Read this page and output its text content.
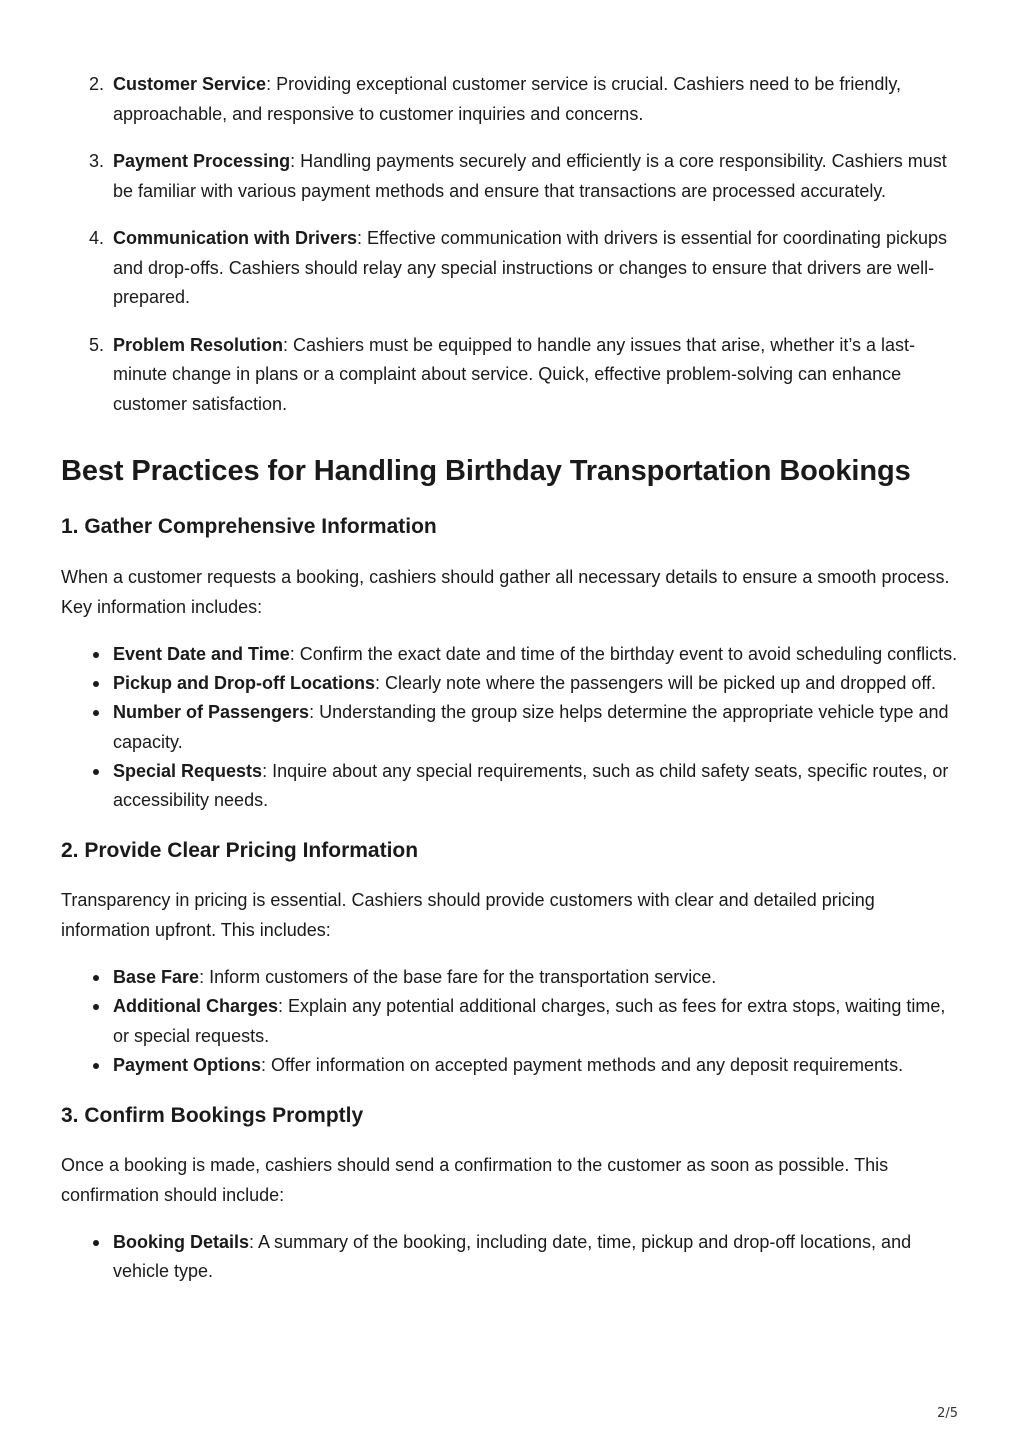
2. Customer Service: Providing exceptional customer service is crucial. Cashiers need to be friendly, approachable, and responsive to customer inquiries and concerns.
3. Payment Processing: Handling payments securely and efficiently is a core responsibility. Cashiers must be familiar with various payment methods and ensure that transactions are processed accurately.
4. Communication with Drivers: Effective communication with drivers is essential for coordinating pickups and drop-offs. Cashiers should relay any special instructions or changes to ensure that drivers are well-prepared.
5. Problem Resolution: Cashiers must be equipped to handle any issues that arise, whether it’s a last-minute change in plans or a complaint about service. Quick, effective problem-solving can enhance customer satisfaction.
Best Practices for Handling Birthday Transportation Bookings
1. Gather Comprehensive Information

When a customer requests a booking, cashiers should gather all necessary details to ensure a smooth process. Key information includes:

Event Date and Time: Confirm the exact date and time of the birthday event to avoid scheduling conflicts.
Pickup and Drop-off Locations: Clearly note where the passengers will be picked up and dropped off.
Number of Passengers: Understanding the group size helps determine the appropriate vehicle type and capacity.
Special Requests: Inquire about any special requirements, such as child safety seats, specific routes, or accessibility needs.
2. Provide Clear Pricing Information

Transparency in pricing is essential. Cashiers should provide customers with clear and detailed pricing information upfront. This includes:

Base Fare: Inform customers of the base fare for the transportation service.
Additional Charges: Explain any potential additional charges, such as fees for extra stops, waiting time, or special requests.
Payment Options: Offer information on accepted payment methods and any deposit requirements.
3. Confirm Bookings Promptly

Once a booking is made, cashiers should send a confirmation to the customer as soon as possible. This confirmation should include:

Booking Details: A summary of the booking, including date, time, pickup and drop-off locations, and vehicle type.
2/5
